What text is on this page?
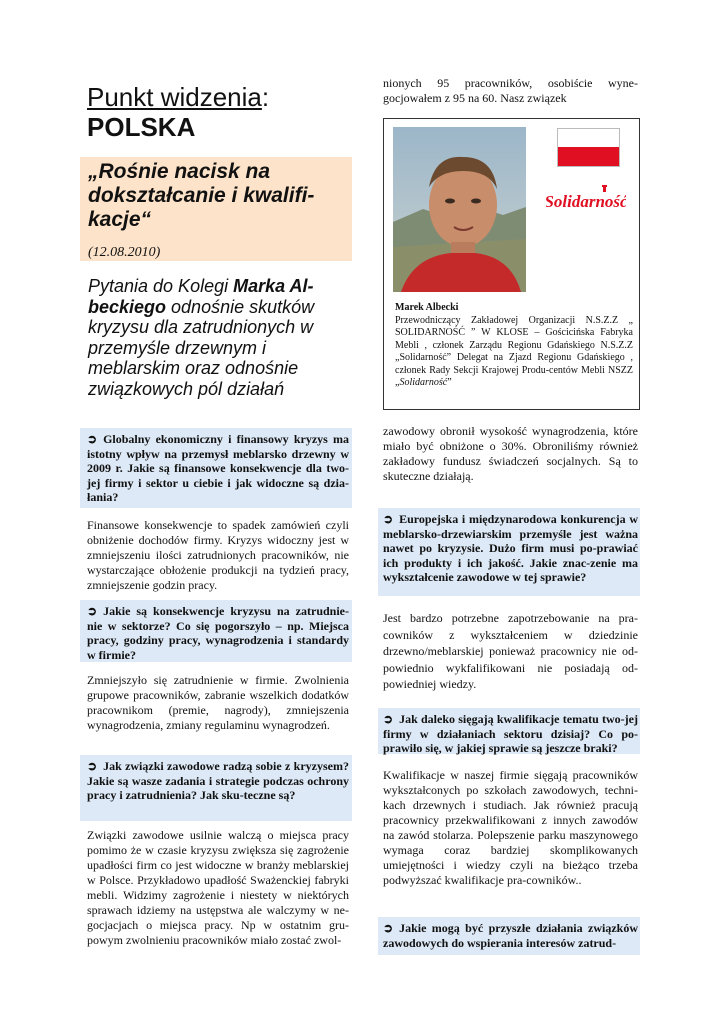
Punkt widzenia:
POLSKA
„Rośnie nacisk na dokształcanie i kwalifi-kacje“
(12.08.2010)
Pytania do Kolegi Marka Al-beckiego odnośnie skutków kryzysu dla zatrudnionych w przemyśle drzewnym i meblarskim oraz odnośnie związkowych pól działań
➲ Globalny ekonomiczny i finansowy kryzys ma istotny wpływ na przemysł meblarsko drzewny w 2009 r. Jakie są finansowe konsekwencje dla two-jej firmy i sektor u ciebie i jak widoczne są dzia-łania?
Finansowe konsekwencje to spadek zamówień czyli obniżenie dochodów firmy. Kryzys widoczny jest w zmniejszeniu ilości zatrudnionych pracowników, nie wystarczające obłożenie produkcji na tydzień pracy, zmniejszenie godzin pracy.
➲ Jakie są konsekwencje kryzysu na zatrudnie-nie w sektorze? Co się pogorszyło – np. Miejsca pracy, godziny pracy, wynagrodzenia i standardy w firmie?
Zmniejszyło się zatrudnienie w firmie. Zwolnienia grupowe pracowników, zabranie wszelkich dodatków pracownikom (premie, nagrody), zmniejszenia wynagrodzenia, zmiany regulaminu wynagrodzeń.
➲ Jak związki zawodowe radzą sobie z kryzysem? Jakie są wasze zadania i strategie podczas ochrony pracy i zatrudnienia? Jak sku-teczne są?
Związki zawodowe usilnie walczą o miejsca pracy pomimo że w czasie kryzysu zwiększa się zagrożenie upadłości firm co jest widoczne w branży meblarskiej w Polsce. Przykładowo upadłość Sważenckiej fabryki mebli. Widzimy zagrożenie i niestety w niektórych sprawach idziemy na ustępstwa ale walczymy w ne-gocjacjach o miejsca pracy. Np w ostatnim gru-powym zwolnieniu pracowników miało zostać zwol-
nionych 95 pracowników, osobiście wyne-gocjowałem z 95 na 60. Nasz związek
Solidarność
Marek Albecki
Przewodniczący Zakładowej Organizacji N.S.Z.Z „ SOLIDARNOŚĆ ” W KLOSE – Gościcińska Fabryka Mebli , członek Zarządu Regionu Gdańskiego N.S.Z.Z „Solidarność” Delegat na Zjazd Regionu Gdańskiego , członek Rady Sekcji Krajowej Produ-centów Mebli NSZZ „Solidarność”
zawodowy obronił wysokość wynagrodzenia, które miało być obniżone o 30%. Obroniliśmy również zakładowy fundusz świadczeń socjalnych. Są to skuteczne działają.
➲ Europejska i międzynarodowa konkurencja w meblarsko-drzewiarskim przemyśle jest ważna nawet po kryzysie. Dużo firm musi po-prawiać ich produkty i ich jakość. Jakie znac-zenie ma wykształcenie zawodowe w tej sprawie?
Jest bardzo potrzebne zapotrzebowanie na pra-cowników z wykształceniem w dziedzinie drzewno/meblarskiej ponieważ pracownicy nie od-powiednio wykfalifikowani nie posiadają od-powiedniej wiedzy.
➲ Jak daleko sięgają kwalifikacje tematu two-jej firmy w działaniach sektoru dzisiaj? Co po-prawiło się, w jakiej sprawie są jeszcze braki?
Kwalifikacje w naszej firmie sięgają pracowników wykształconych po szkołach zawodowych, techni-kach drzewnych i studiach. Jak również pracują pracownicy przekwalifikowani z innych zawodów na zawód stolarza. Polepszenie parku maszynowego wymaga coraz bardziej skomplikowanych umiejętności i wiedzy czyli na bieżąco trzeba podwyższać kwalifikacje pra-cowników..
➲ Jakie mogą być przyszłe działania związków zawodowych do wspierania interesów zatrud-
